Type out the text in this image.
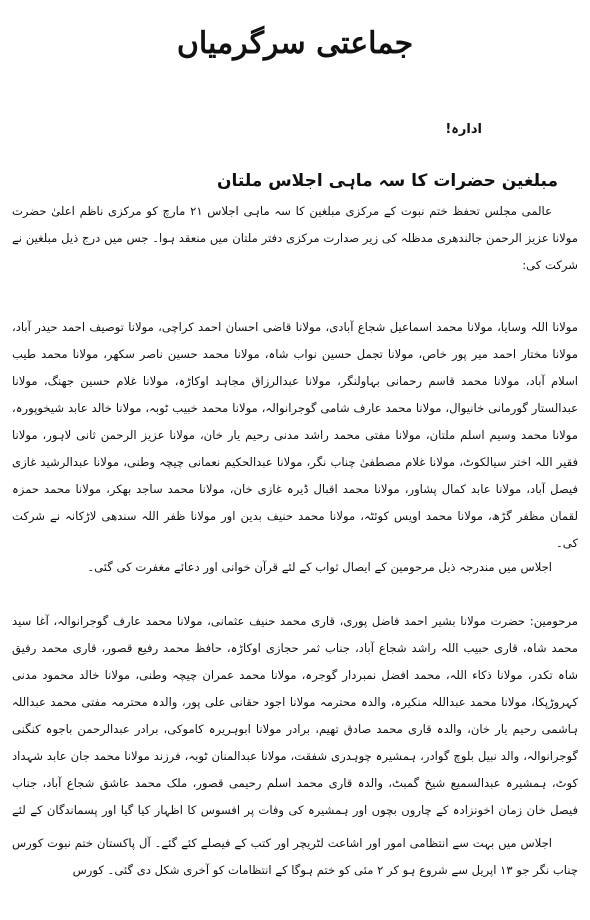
جماعتی سرگرمیاں
ادارہ!
مبلغین حضرات کا سہ ماہی اجلاس ملتان

عالمی مجلس تحفظ ختم نبوت کے مرکزی مبلغین کا سہ ماہی اجلاس ۲۱ مارچ کو مرکزی ناظم اعلیٰ حضرت مولانا عزیز الرحمن جالندھری مدظلہ کی زیر صدارت مرکزی دفتر ملتان میں منعقد ہوا۔ جس میں درج ذیل مبلغین نے شرکت کی:

مولانا اللہ وسایا، مولانا محمد اسماعیل شجاع آبادی، مولانا قاضی احسان احمد کراچی، مولانا توصیف احمد حیدر آباد، مولانا مختار احمد میر پور خاص، مولانا تجمل حسین نواب شاہ، مولانا محمد حسین ناصر سکھر، مولانا محمد طیب اسلام آباد، مولانا محمد قاسم رحمانی بہاولنگر، مولانا عبدالرزاق مجاہد اوکاڑہ، مولانا غلام حسین جھنگ، مولانا عبدالستار گورمانی خانیوال، مولانا محمد عارف شامی گوجرانوالہ، مولانا محمد خبیب ٹوبہ، مولانا خالد عابد شیخوپورہ، مولانا محمد وسیم اسلم ملتان، مولانا مفتی محمد راشد مدنی رحیم یار خان، مولانا عزیز الرحمن ثانی لاہور، مولانا فقیر اللہ اختر سیالکوٹ، مولانا غلام مصطفیٰ چناب نگر، مولانا عبدالحکیم نعمانی چیچہ وطنی، مولانا عبدالرشید غازی فیصل آباد، مولانا عابد کمال پشاور، مولانا محمد اقبال ڈیرہ غازی خان، مولانا محمد ساجد بھکر، مولانا محمد حمزہ لقمان مظفر گڑھ، مولانا محمد اویس کوئٹہ، مولانا محمد حنیف بدین اور مولانا ظفر اللہ سندھی لاڑکانہ نے شرکت کی۔

اجلاس میں مندرجہ ذیل مرحومین کے ایصال ثواب کے لئے قرآن خوانی اور دعائے مغفرت کی گئی۔

مرحومین: حضرت مولانا بشیر احمد فاضل پوری، قاری محمد حنیف عثمانی، مولانا محمد عارف گوجرانوالہ، آغا سید محمد شاہ، قاری حبیب اللہ راشد شجاع آباد، جناب ثمر حجازی اوکاڑہ، حافظ محمد رفیع قصور، قاری محمد رفیق شاہ تکدر، مولانا ذکاء اللہ، محمد افضل نمبردار گوجرہ، مولانا محمد عمران چیچہ وطنی، مولانا خالد محمود مدنی کہروڑپکا، مولانا محمد عبداللہ منکیرہ، والدہ محترمہ مولانا اجود حقانی علی پور، والدہ محترمہ مفتی محمد عبداللہ ہاشمی رحیم یار خان، والدہ قاری محمد صادق تھیم، برادر مولانا ابوہریرہ کاموکی، برادر عبدالرحمن باجوہ کنگنی گوجرانوالہ، والد نبیل بلوچ گوادر، ہمشیرہ چوہدری شفقت، مولانا عبدالمنان ٹوبہ، فرزند مولانا محمد جان عابد شہداد کوٹ، ہمشیرہ عبدالسمیع شیخ گمبٹ، والدہ قاری محمد اسلم رحیمی قصور، ملک محمد عاشق شجاع آباد، جناب فیصل خان زمان اخونزادہ کے چاروں بچوں اور ہمشیرہ کی وفات پر افسوس کا اظہار کیا گیا اور پسماندگان کے لئے

اجلاس میں بہت سے انتظامی امور اور اشاعت لٹریچر اور کتب کے فیصلے کئے گئے۔ آل پاکستان ختم نبوت کورس چناب نگر جو ۱۳ اپریل سے شروع ہو کر ۲ مئی کو ختم ہوگا کے انتظامات کو آخری شکل دی گئی۔ کورس
